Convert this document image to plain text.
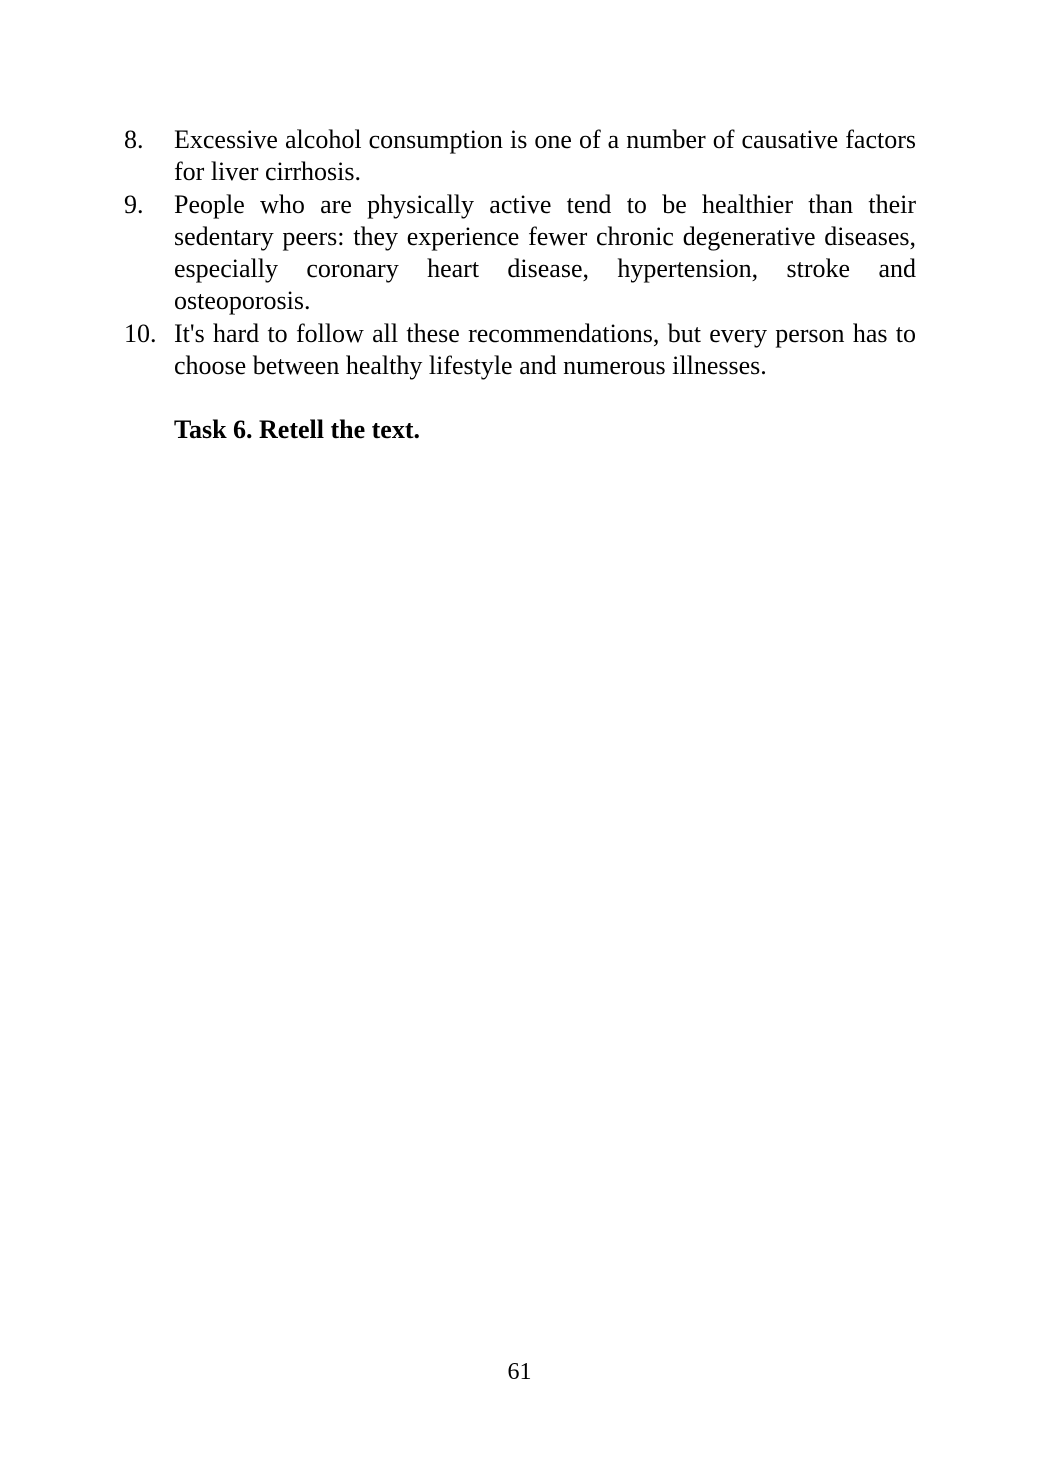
8.	Excessive alcohol consumption is one of a number of causative factors for liver cirrhosis.
9.	People who are physically active tend to be healthier than their sedentary peers: they experience fewer chronic degenerative diseases, especially coronary heart disease, hypertension, stroke and osteoporosis.
10. It's hard to follow all these recommendations, but every person has to choose between healthy lifestyle and numerous illnesses.
Task 6. Retell the text.
61
